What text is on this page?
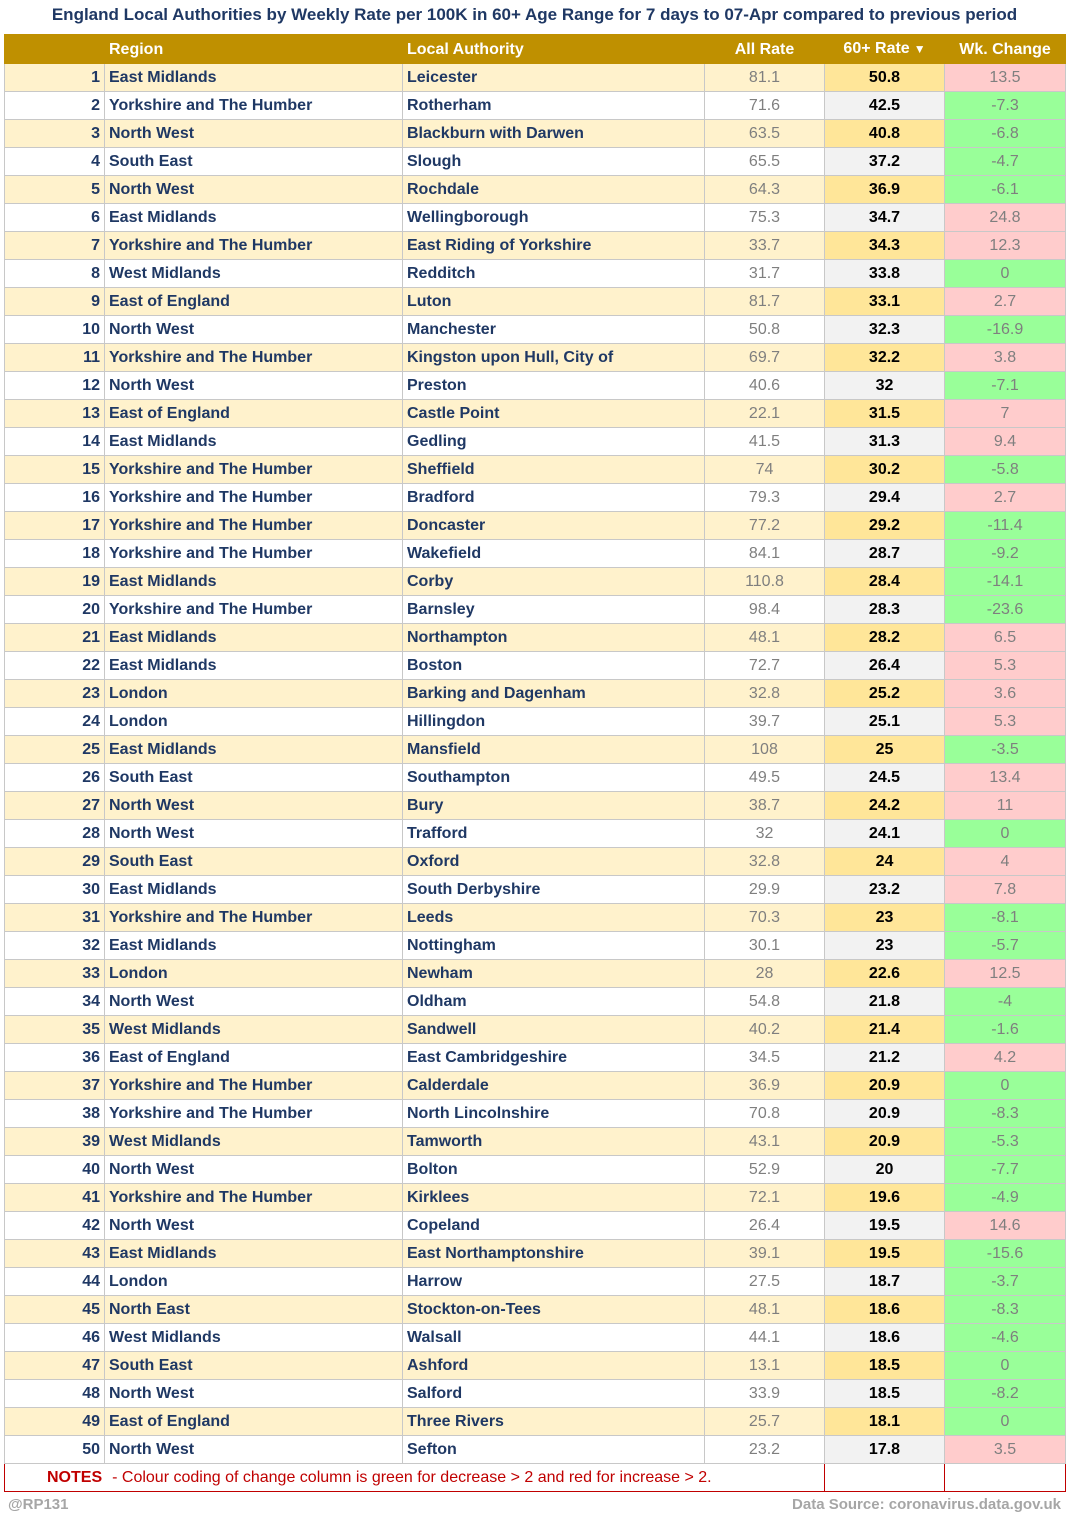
England Local Authorities by Weekly Rate per 100K in 60+ Age Range for 7 days to 07-Apr compared to previous period
	Region	Local Authority	All Rate	60+ Rate ▼	Wk. Change
1	East Midlands	Leicester	81.1	50.8	13.5
2	Yorkshire and The Humber	Rotherham	71.6	42.5	-7.3
3	North West	Blackburn with Darwen	63.5	40.8	-6.8
4	South East	Slough	65.5	37.2	-4.7
5	North West	Rochdale	64.3	36.9	-6.1
6	East Midlands	Wellingborough	75.3	34.7	24.8
7	Yorkshire and The Humber	East Riding of Yorkshire	33.7	34.3	12.3
8	West Midlands	Redditch	31.7	33.8	0
9	East of England	Luton	81.7	33.1	2.7
10	North West	Manchester	50.8	32.3	-16.9
11	Yorkshire and The Humber	Kingston upon Hull, City of	69.7	32.2	3.8
12	North West	Preston	40.6	32	-7.1
13	East of England	Castle Point	22.1	31.5	7
14	East Midlands	Gedling	41.5	31.3	9.4
15	Yorkshire and The Humber	Sheffield	74	30.2	-5.8
16	Yorkshire and The Humber	Bradford	79.3	29.4	2.7
17	Yorkshire and The Humber	Doncaster	77.2	29.2	-11.4
18	Yorkshire and The Humber	Wakefield	84.1	28.7	-9.2
19	East Midlands	Corby	110.8	28.4	-14.1
20	Yorkshire and The Humber	Barnsley	98.4	28.3	-23.6
21	East Midlands	Northampton	48.1	28.2	6.5
22	East Midlands	Boston	72.7	26.4	5.3
23	London	Barking and Dagenham	32.8	25.2	3.6
24	London	Hillingdon	39.7	25.1	5.3
25	East Midlands	Mansfield	108	25	-3.5
26	South East	Southampton	49.5	24.5	13.4
27	North West	Bury	38.7	24.2	11
28	North West	Trafford	32	24.1	0
29	South East	Oxford	32.8	24	4
30	East Midlands	South Derbyshire	29.9	23.2	7.8
31	Yorkshire and The Humber	Leeds	70.3	23	-8.1
32	East Midlands	Nottingham	30.1	23	-5.7
33	London	Newham	28	22.6	12.5
34	North West	Oldham	54.8	21.8	-4
35	West Midlands	Sandwell	40.2	21.4	-1.6
36	East of England	East Cambridgeshire	34.5	21.2	4.2
37	Yorkshire and The Humber	Calderdale	36.9	20.9	0
38	Yorkshire and The Humber	North Lincolnshire	70.8	20.9	-8.3
39	West Midlands	Tamworth	43.1	20.9	-5.3
40	North West	Bolton	52.9	20	-7.7
41	Yorkshire and The Humber	Kirklees	72.1	19.6	-4.9
42	North West	Copeland	26.4	19.5	14.6
43	East Midlands	East Northamptonshire	39.1	19.5	-15.6
44	London	Harrow	27.5	18.7	-3.7
45	North East	Stockton-on-Tees	48.1	18.6	-8.3
46	West Midlands	Walsall	44.1	18.6	-4.6
47	South East	Ashford	13.1	18.5	0
48	North West	Salford	33.9	18.5	-8.2
49	East of England	Three Rivers	25.7	18.1	0
50	North West	Sefton	23.2	17.8	3.5
NOTES - Colour coding of change column is green for decrease > 2 and red for increase > 2.					
@RP131	Data Source: coronavirus.data.gov.uk
